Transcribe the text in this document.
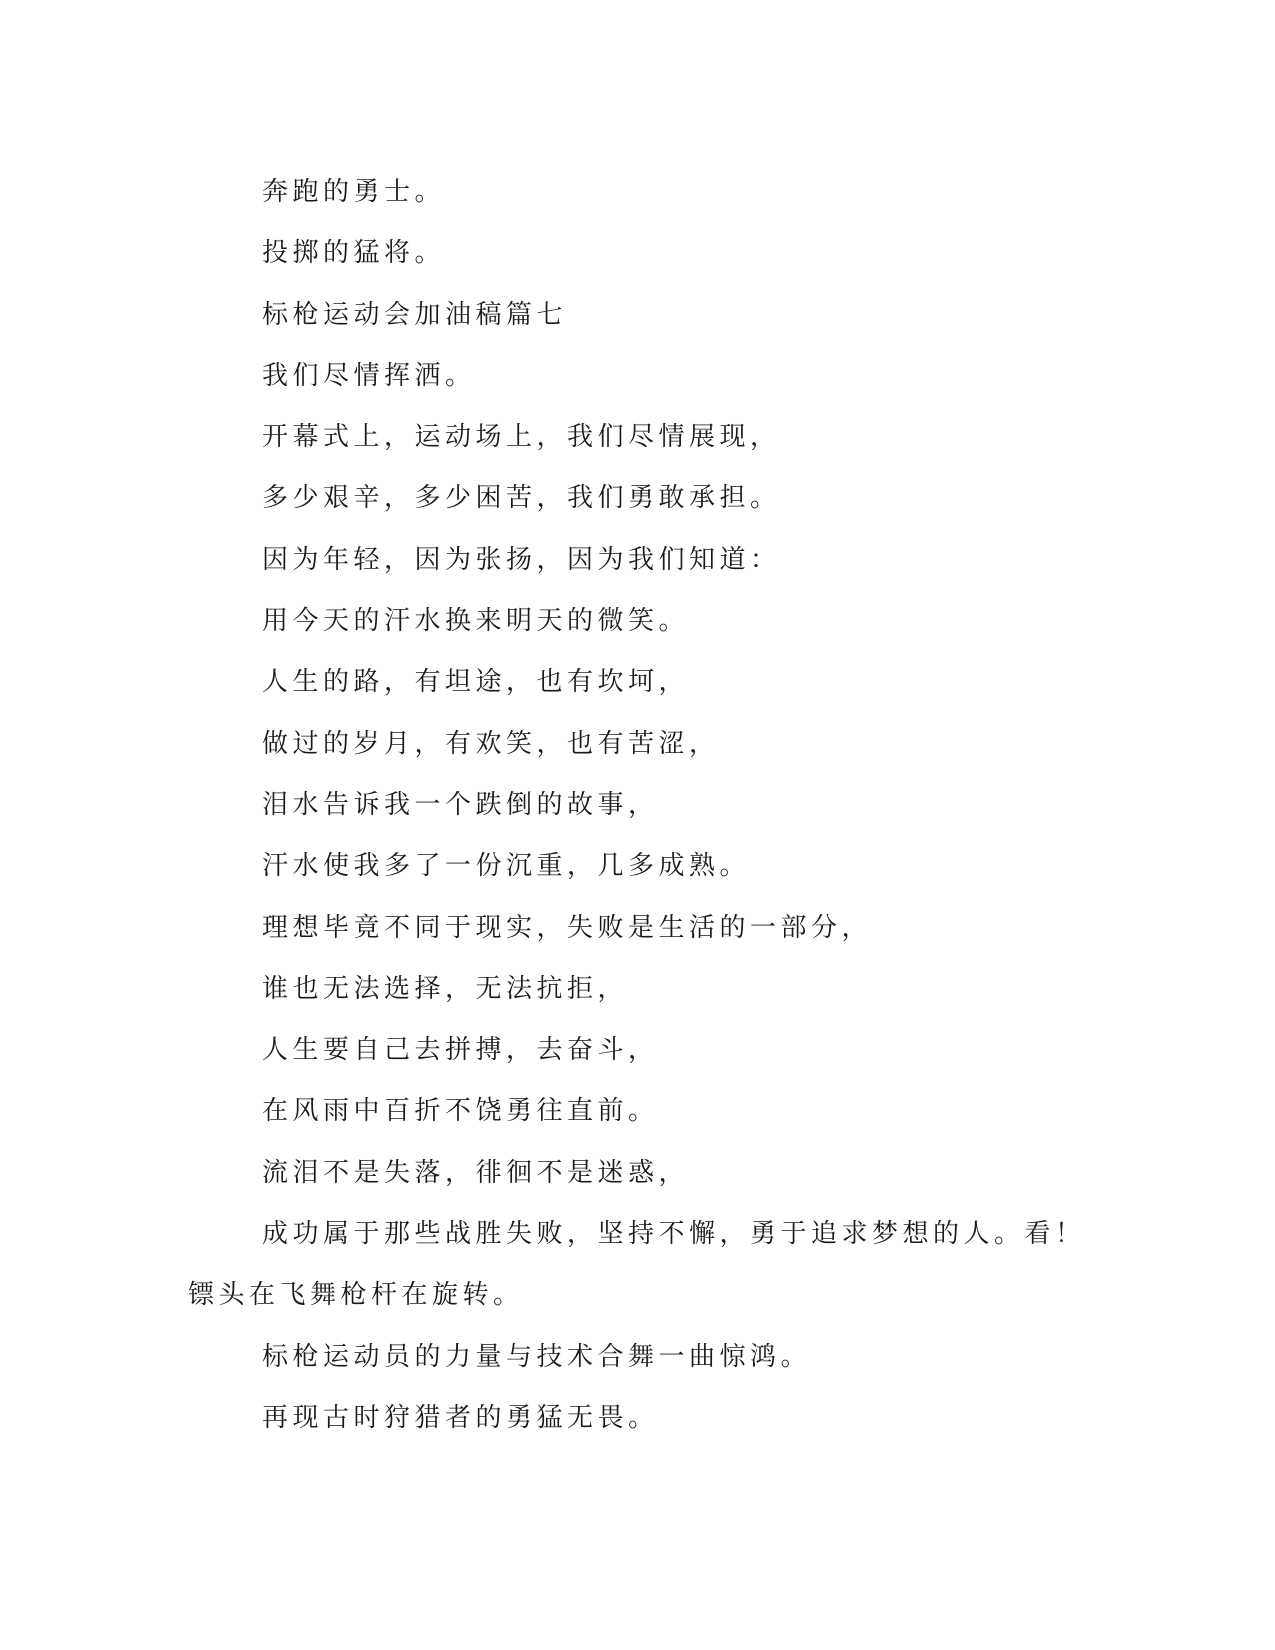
奔跑的勇士。

投掷的猛将。

标枪运动会加油稿篇七

我们尽情挥洒。

开幕式上，运动场上，我们尽情展现，

多少艰辛，多少困苦，我们勇敢承担。

因为年轻，因为张扬，因为我们知道：

用今天的汗水换来明天的微笑。

人生的路，有坦途，也有坎坷，

做过的岁月，有欢笑，也有苦涩，

泪水告诉我一个跌倒的故事，

汗水使我多了一份沉重，几多成熟。

理想毕竟不同于现实，失败是生活的一部分，

谁也无法选择，无法抗拒，

人生要自己去拼搏，去奋斗，

在风雨中百折不饶勇往直前。

流泪不是失落，徘徊不是迷惑，

成功属于那些战胜失败，坚持不懈，勇于追求梦想的人。看！镖头在飞舞枪杆在旋转。

标枪运动员的力量与技术合舞一曲惊鸿。

再现古时狩猎者的勇猛无畏。
